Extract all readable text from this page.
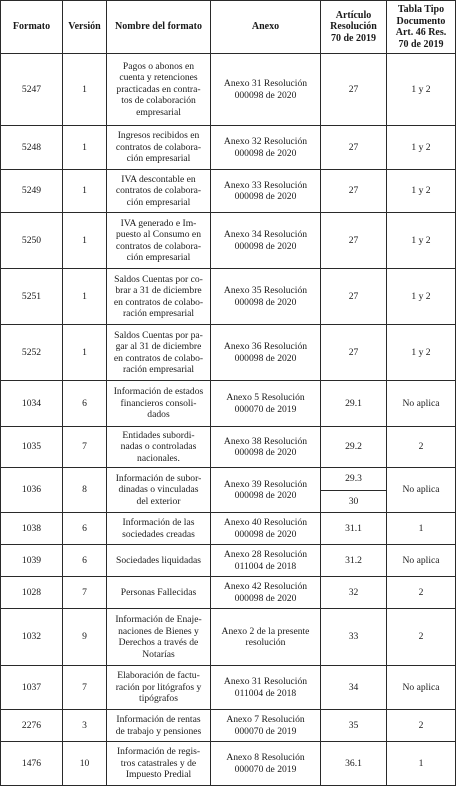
Formato	Versión	Nombre del formato	Anexo	Artículo
Resolución
70 de 2019	Tabla Tipo
Documento
Art. 46 Res.
70 de 2019
5247	1	Pagos o abonos en
cuenta y retenciones
practicadas en contra-
tos de colaboración
empresarial	Anexo 31 Resolución
000098 de 2020	27	1 y 2
5248	1	Ingresos recibidos en
contratos de colabora-
ción empresarial	Anexo 32 Resolución
000098 de 2020	27	1 y 2
5249	1	IVA descontable en
contratos de colabora-
ción empresarial	Anexo 33 Resolución
000098 de 2020	27	1 y 2
5250	1	IVA generado e Im-
puesto al Consumo en
contratos de colabora-
ción empresarial	Anexo 34 Resolución
000098 de 2020	27	1 y 2
5251	1	Saldos Cuentas por co-
brar a 31 de diciembre
en contratos de colabo-
ración empresarial	Anexo 35 Resolución
000098 de 2020	27	1 y 2
5252	1	Saldos Cuentas por pa-
gar al 31 de diciembre
en contratos de colabo-
ración empresarial	Anexo 36 Resolución
000098 de 2020	27	1 y 2
1034	6	Información de estados
financieros consoli-
dados	Anexo 5 Resolución
000070 de 2019	29.1	No aplica
1035	7	Entidades subordi-
nadas o controladas
nacionales.	Anexo 38 Resolución
000098 de 2020	29.2	2
1036	8	Información de subor-
dinadas o vinculadas
del exterior	Anexo 39 Resolución
000098 de 2020	29.3
30	No aplica
1038	6	Información de las
sociedades creadas	Anexo 40 Resolución
000098 de 2020	31.1	1
1039	6	Sociedades liquidadas	Anexo 28 Resolución
011004 de 2018	31.2	No aplica
1028	7	Personas Fallecidas	Anexo 42 Resolución
000098 de 2020	32	2
1032	9	Información de Enaje-
naciones de Bienes y
Derechos a través de
Notarías	Anexo 2 de la presente
resolución	33	2
1037	7	Elaboración de factu-
ración por litógrafos y
tipógrafos	Anexo 31 Resolución
011004 de 2018	34	No aplica
2276	3	Información de rentas
de trabajo y pensiones	Anexo 7 Resolución
000070 de 2019	35	2
1476	10	Información de regis-
tros catastrales y de
Impuesto Predial	Anexo 8 Resolución
000070 de 2019	36.1	1
